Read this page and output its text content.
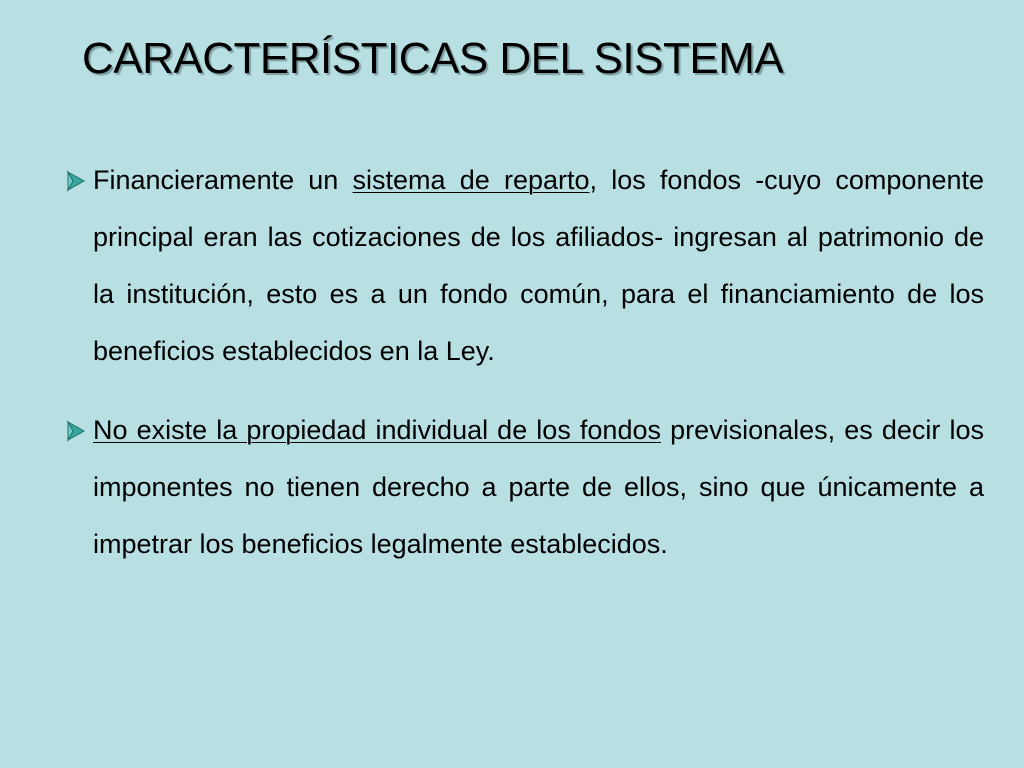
CARACTERÍSTICAS DEL SISTEMA
Financieramente un sistema de reparto, los fondos -cuyo componente principal eran las cotizaciones de los afiliados- ingresan al patrimonio de la institución, esto es a un fondo común, para el financiamiento de los beneficios establecidos en la Ley.
No existe la propiedad individual de los fondos previsionales, es decir los imponentes no tienen derecho a parte de ellos, sino que únicamente a impetrar los beneficios legalmente establecidos.
